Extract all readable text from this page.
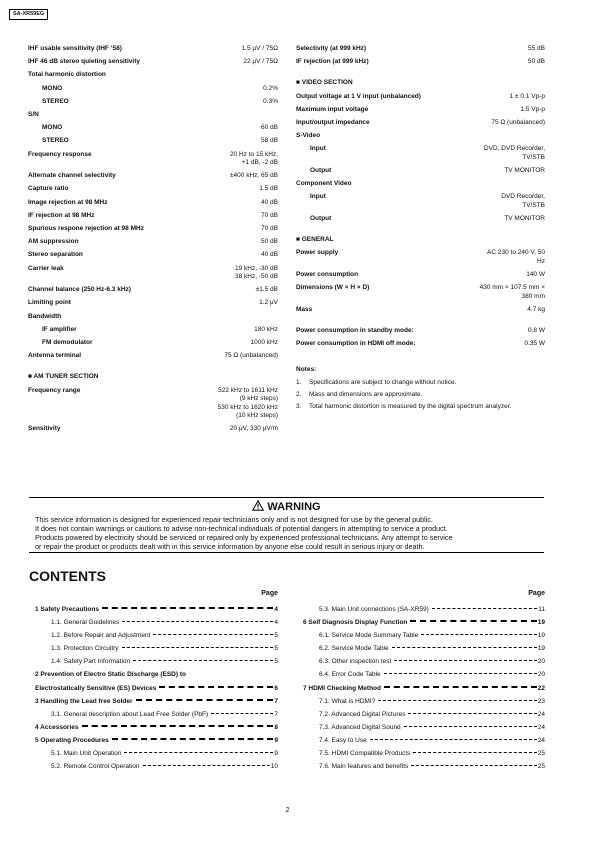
SA-XR59EG
IHF usable sensitivity (IHF ’58)	1.5 μV / 75Ω
IHF 46 dB stereo quieting sensitivity	22 μV / 75Ω
Total harmonic distortion
MONO	0.2%
STEREO	0.3%
S/N
MONO	60 dB
STEREO	58 dB
Frequency response	20 Hz to 15 kHz,
+1 dB, -2 dB
Alternate channel selectivity	±400 kHz, 65 dB
Capture ratio	1.5 dB
Image rejection at 98 MHz	40 dB
IF rejection at 98 MHz	70 dB
Spurious respone rejection at 98 MHz	70 dB
AM suppression	50 dB
Stereo separation	40 dB
Carrier leak	19 kHz, -30 dB
38 kHz, -50 dB
Channel balance (250 Hz-6.3 kHz)	±1.5 dB
Limiting point	1.2 μV
Bandwidth
IF amplifier	180 kHz
FM demodulator	1000 kHz
Antenna terminal	75 Ω (unbalanced)
■ AM TUNER SECTION
Frequency range	522 kHz to 1611 kHz
(9 kHz steps)
530 kHz to 1620 kHz
(10 kHz steps)
Sensitivity	20 μV, 330 μV/m
Selectivity (at 999 kHz)	55 dB
IF rejection (at 999 kHz)	50 dB
■ VIDEO SECTION
Output voltage at 1 V input (unbalanced)	1 ± 0.1 Vp-p
Maximum input voltage	1.5 Vp-p
Input/output impedance	75 Ω (unbalanced)
S-Video
Input	DVD, DVD Recorder,
TV/STB
Output	TV MONITOR
Component Video
Input	DVD Recorder,
TV/STB
Output	TV MONITOR
■ GENERAL
Power supply	AC 230 to 240 V, 50
Hz
Power consumption	140 W
Dimensions (W × H × D)	430 mm × 107.5 mm ×
380 mm
Mass	4.7 kg
Power consumption in standby mode:	0.8 W
Power consumption in HDMI off mode:	0.35 W
Notes:
1.	Specifications are subject to change without notice.
2.	Mass and dimensions are approximate.
3.	Total harmonic distortion is measured by the digital spectrum analyzer.
WARNING
This service information is designed for experienced repair technicians only and is not designed for use by the general public.
It does not contain warnings or cautions to advise non-technical individuals of potential dangers in attempting to service a product.
Products powered by electricity should be serviced or repaired only by experienced professional technicians. Any attempt to service
or repair the product or products dealt with in this service information by anyone else could result in serious injury or death.
CONTENTS
Page
1 Safety Precautions	4
1.1. General Guidelines	4
1.2. Before Repair and Adjustment	5
1.3. Protection Circuitry	5
1.4. Safety Part Information	5
2 Prevention of Electro Static Discharge (ESD) to
Electrostatically Sensitive (ES) Devices	6
3 Handling the Lead free Solder	7
3.1. General description about Lead Free Solder (PbF)	7
4 Accessories	8
5 Operating Procedures	9
5.1. Main Unit Operation	9
5.2. Remote Control Operation	10
Page
5.3. Main Unit connections (SA-XR59)	11
6 Self Diagnosis Display Function	19
6.1. Service Mode Summary Table	19
6.2. Service Mode Table	19
6.3. Other inspection test	20
6.4. Error Code Table	20
7 HDMI Checking Method	22
7.1. What is HDMI?	23
7.2. Advanced Digital Pictures	24
7.3. Advanced Digital Sound	24
7.4. Easy to Use	24
7.5. HDMI Compatible Products	25
7.6. Main features and benefits	25
2
